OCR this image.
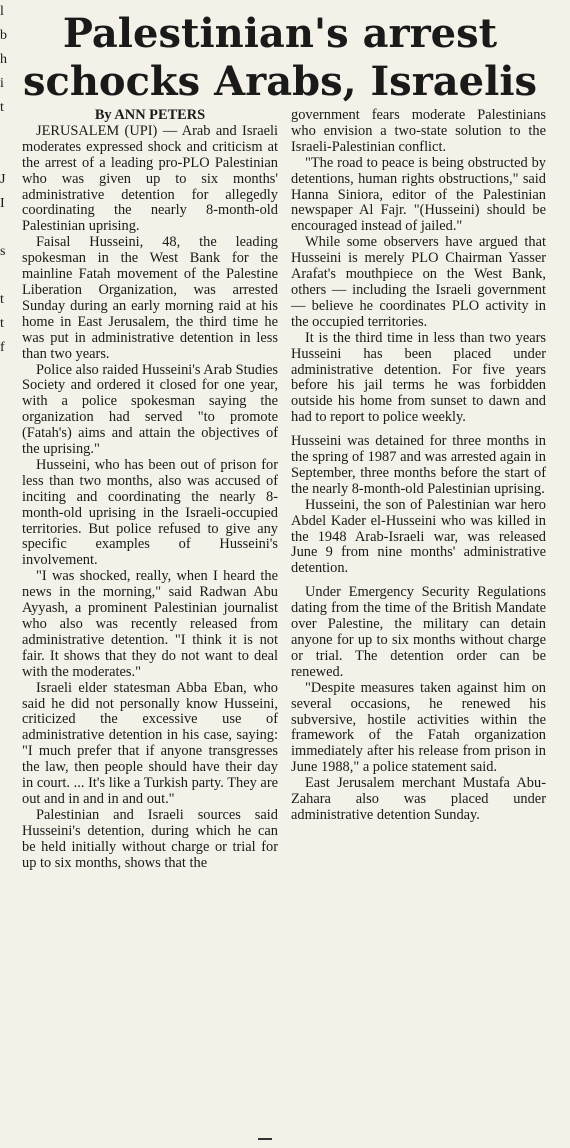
Palestinian's arrest
schocks Arabs, Israelis
By ANN PETERS

JERUSALEM (UPI) — Arab and Israeli moderates expressed shock and criticism at the arrest of a leading pro-PLO Palestinian who was given up to six months' administrative detention for allegedly coordinating the nearly 8-month-old Palestinian uprising.

Faisal Husseini, 48, the leading spokesman in the West Bank for the mainline Fatah movement of the Palestine Liberation Organization, was arrested Sunday during an early morning raid at his home in East Jerusalem, the third time he was put in administrative detention in less than two years.

Police also raided Husseini's Arab Studies Society and ordered it closed for one year, with a police spokesman saying the organization had served "to promote (Fatah's) aims and attain the objectives of the uprising."

Husseini, who has been out of prison for less than two months, also was accused of inciting and coordinating the nearly 8-month-old uprising in the Israeli-occupied territories. But police refused to give any specific examples of Husseini's involvement.

"I was shocked, really, when I heard the news in the morning," said Radwan Abu Ayyash, a prominent Palestinian journalist who also was recently released from administrative detention. "I think it is not fair. It shows that they do not want to deal with the moderates."

Israeli elder statesman Abba Eban, who said he did not personally know Husseini, criticized the excessive use of administrative detention in his case, saying: "I much prefer that if anyone transgresses the law, then people should have their day in court. ... It's like a Turkish party. They are out and in and in and out."

Palestinian and Israeli sources said Husseini's detention, during which he can be held initially without charge or trial for up to six months, shows that the

government fears moderate Palestinians who envision a two-state solution to the Israeli-Palestinian conflict.

"The road to peace is being obstructed by detentions, human rights obstructions," said Hanna Siniora, editor of the Palestinian newspaper Al Fajr. "(Husseini) should be encouraged instead of jailed."

While some observers have argued that Husseini is merely PLO Chairman Yasser Arafat's mouthpiece on the West Bank, others — including the Israeli government — believe he coordinates PLO activity in the occupied territories.

It is the third time in less than two years Husseini has been placed under administrative detention. For five years before his jail terms he was forbidden outside his home from sunset to dawn and had to report to police weekly.

Husseini was detained for three months in the spring of 1987 and was arrested again in September, three months before the start of the nearly 8-month-old Palestinian uprising.

Husseini, the son of Palestinian war hero Abdel Kader el-Husseini who was killed in the 1948 Arab-Israeli war, was released June 9 from nine months' administrative detention.

Under Emergency Security Regulations dating from the time of the British Mandate over Palestine, the military can detain anyone for up to six months without charge or trial. The detention order can be renewed.

"Despite measures taken against him on several occasions, he renewed his subversive, hostile activities within the framework of the Fatah organization immediately after his release from prison in June 1988," a police statement said.

East Jerusalem merchant Mustafa Abu-Zahara also was placed under administrative detention Sunday.

l
b
h
i
t
J
I
s
t
t
f
